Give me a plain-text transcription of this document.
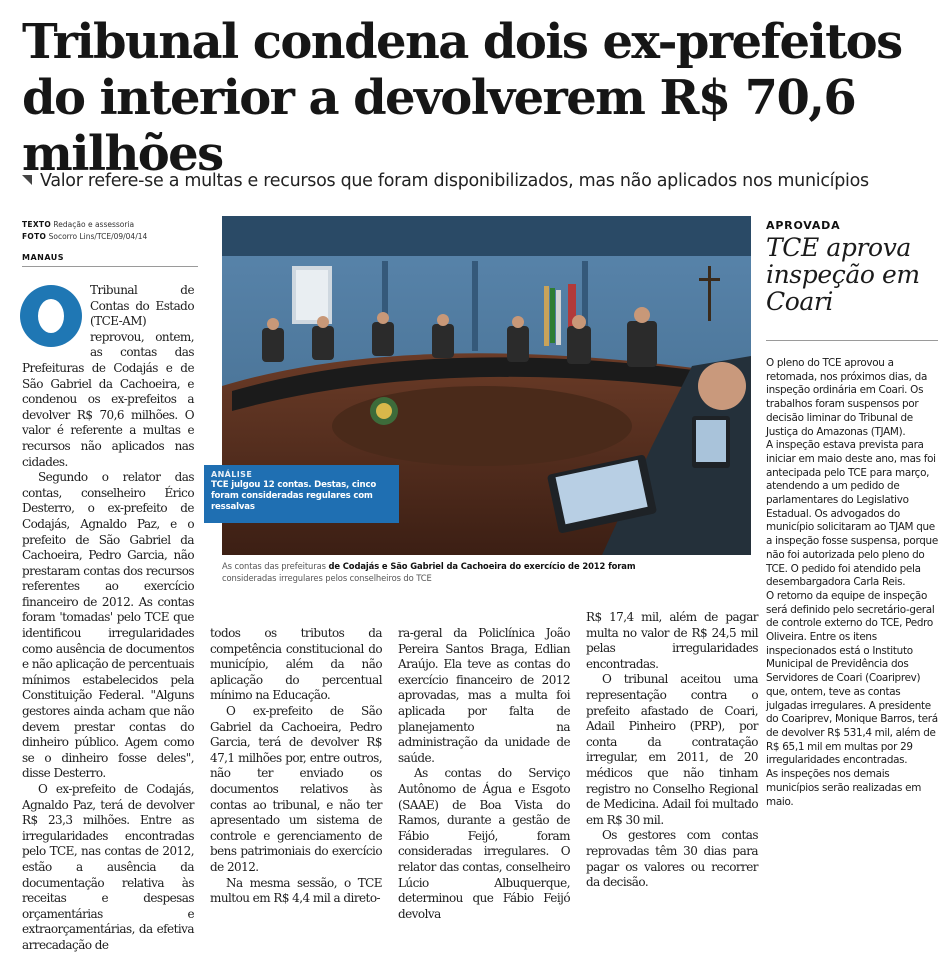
Tribunal condena dois ex-prefeitos do interior a devolverem R$ 70,6 milhões
Valor refere-se a multas e recursos que foram disponibilizados, mas não aplicados nos municípios
TEXTO Redação e assessoria
FOTO Socorro Lins/TCE/09/04/14
MANAUS

Tribunal de Contas do Estado (TCE-AM) reprovou, ontem, as contas das Prefeituras de Codajás e de São Gabriel da Cachoeira, e condenou os ex-prefeitos a devolver R$ 70,6 milhões. O valor é referente a multas e recursos não aplicados nas cidades.

Segundo o relator das contas, conselheiro Érico Desterro, o ex-prefeito de Codajás, Agnaldo Paz, e o prefeito de São Gabriel da Cachoeira, Pedro Garcia, não prestaram contas dos recursos referentes ao exercício financeiro de 2012. As contas foram 'tomadas' pelo TCE que identificou irregularidades como ausência de documentos e não aplicação de percentuais mínimos estabelecidos pela Constituição Federal. "Alguns gestores ainda acham que não devem prestar contas do dinheiro público. Agem como se o dinheiro fosse deles", disse Desterro.

O ex-prefeito de Codajás, Agnaldo Paz, terá de devolver R$ 23,3 milhões. Entre as irregularidades encontradas pelo TCE, nas contas de 2012, estão a ausência da documentação relativa às receitas e despesas orçamentárias e extraorçamentárias, da efetiva arrecadação de

todos os tributos da competência constitucional do município, além da não aplicação do percentual mínimo na Educação.

O ex-prefeito de São Gabriel da Cachoeira, Pedro Garcia, terá de devolver R$ 47,1 milhões por, entre outros, não ter enviado os documentos relativos às contas ao tribunal, e não ter apresentado um sistema de controle e gerenciamento de bens patrimoniais do exercício de 2012.

Na mesma sessão, o TCE multou em R$ 4,4 mil a direto-

ra-geral da Policlínica João Pereira Santos Braga, Edlian Araújo. Ela teve as contas do exercício financeiro de 2012 aprovadas, mas a multa foi aplicada por falta de planejamento na administração da unidade de saúde.

As contas do Serviço Autônomo de Água e Esgoto (SAAE) de Boa Vista do Ramos, durante a gestão de Fábio Feijó, foram consideradas irregulares. O relator das contas, conselheiro Lúcio Albuquerque, determinou que Fábio Feijó devolva

R$ 17,4 mil, além de pagar multa no valor de R$ 24,5 mil pelas irregularidades encontradas.

O tribunal aceitou uma representação contra o prefeito afastado de Coari, Adail Pinheiro (PRP), por conta da contratação irregular, em 2011, de 20 médicos que não tinham registro no Conselho Regional de Medicina. Adail foi multado em R$ 30 mil.

Os gestores com contas reprovadas têm 30 dias para pagar os valores ou recorrer da decisão.

ANÁLISE
TCE julgou 12 contas. Destas, cinco foram consideradas regulares com ressalvas
As contas das prefeituras de Codajás e São Gabriel da Cachoeira do exercício de 2012 foram
consideradas irregulares pelos conselheiros do TCE
APROVADA
TCE aprova inspeção em Coari

O pleno do TCE aprovou a retomada, nos próximos dias, da inspeção ordinária em Coari. Os trabalhos foram suspensos por decisão liminar do Tribunal de Justiça do Amazonas (TJAM).

A inspeção estava prevista para iniciar em maio deste ano, mas foi antecipada pelo TCE para março, atendendo a um pedido de parlamentares do Legislativo Estadual. Os advogados do município solicitaram ao TJAM que a inspeção fosse suspensa, porque não foi autorizada pelo pleno do TCE. O pedido foi atendido pela desembargadora Carla Reis.

O retorno da equipe de inspeção será definido pelo secretário-geral de controle externo do TCE, Pedro Oliveira. Entre os itens inspecionados está o Instituto Municipal de Previdência dos Servidores de Coari (Coariprev) que, ontem, teve as contas julgadas irregulares. A presidente do Coariprev, Monique Barros, terá de devolver R$ 531,4 mil, além de R$ 65,1 mil em multas por 29 irregularidades encontradas.

As inspeções nos demais municípios serão realizadas em maio.
